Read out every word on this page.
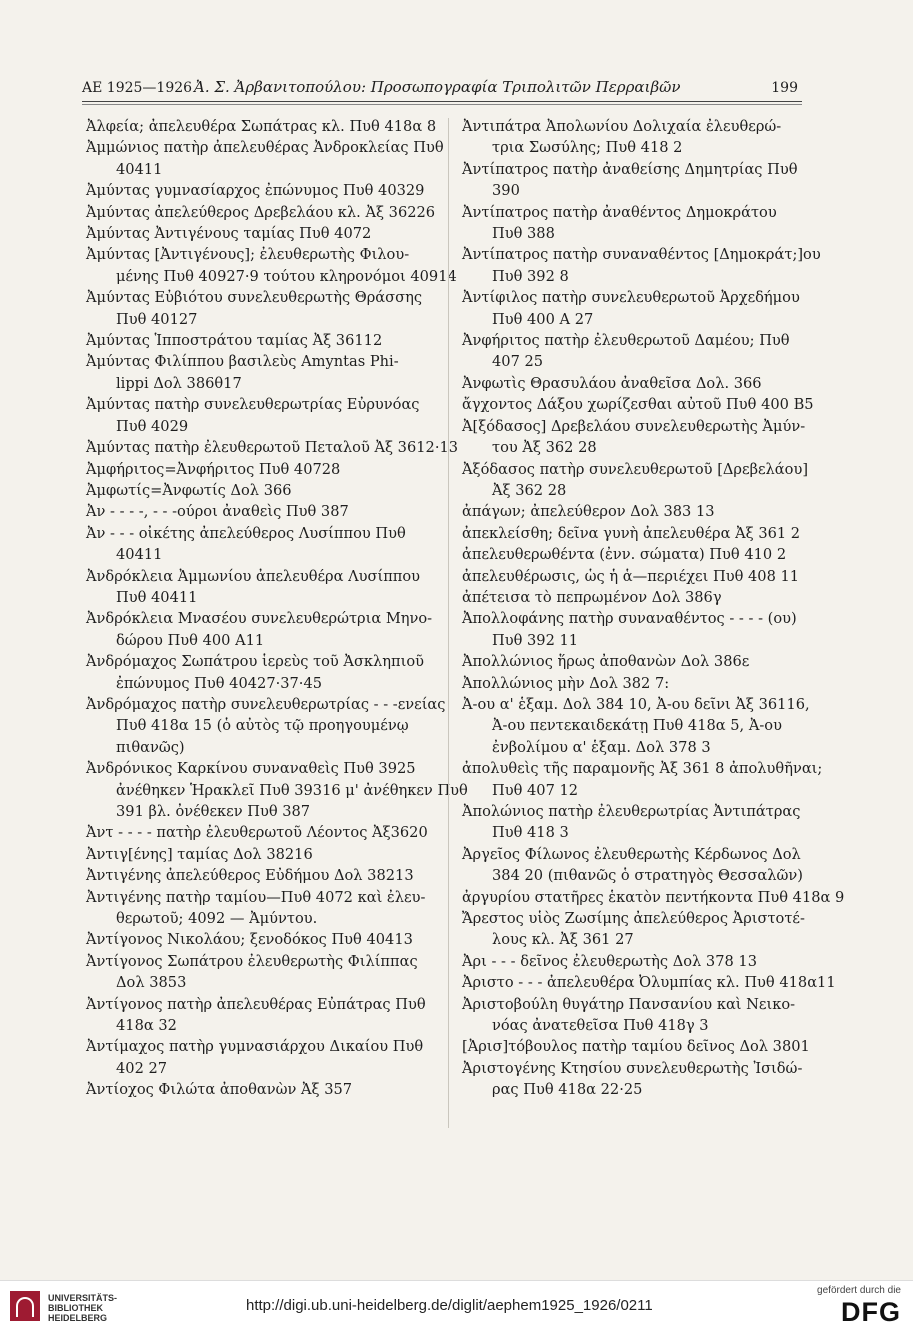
ΑΕ 1925—1926 Ἀ. Σ. Ἀρβανιτοπούλου: Προσωπογραφία Τριπολιτῶν Περραιβῶν	199
Ἀλφεία; ἀπελευθέρα Σωπάτρας κλ. Πυθ 418α 8
Ἀμμώνιος πατὴρ ἀπελευθέρας Ἀνδροκλείας Πυθ
40411
Ἀμύντας γυμνασίαρχος ἐπώνυμος Πυθ 40329
Ἀμύντας ἀπελεύθερος Δρεβελάου κλ. Ἀξ 36226
Ἀμύντας Ἀντιγένους ταμίας Πυθ 4072
Ἀμύντας [Ἀντιγένους]; ἐλευθερωτὴς Φιλου-
μένης Πυθ 40927·9 τούτου κληρονόμοι 40914
Ἀμύντας Εὐβιότου συνελευθερωτὴς Θράσσης
Πυθ 40127
Ἀμύντας Ἱπποστράτου ταμίας Ἀξ 36112
Ἀμύντας Φιλίππου βασιλεὺς Amyntas Phi-
lippi Δολ 386θ17
Ἀμύντας πατὴρ συνελευθερωτρίας Εὐρυνόας
Πυθ 4029
Ἀμύντας πατὴρ ἐλευθερωτοῦ Πεταλοῦ Ἀξ 3612·13
Ἀμφήριτος=Ἀνφήριτος Πυθ 40728
Ἀμφωτίς=Ἀνφωτίς Δολ 366
Ἀν - - - -, - - -ούροι ἀναθεὶς Πυθ 387
Ἀν - - - οἰκέτης ἀπελεύθερος Λυσίππου Πυθ
40411
Ἀνδρόκλεια Ἀμμωνίου ἀπελευθέρα Λυσίππου
Πυθ 40411
Ἀνδρόκλεια Μνασέου συνελευθερώτρια Μηνο-
δώρου Πυθ 400 Α11
Ἀνδρόμαχος Σωπάτρου ἱερεὺς τοῦ Ἀσκληπιοῦ
ἐπώνυμος Πυθ 40427·37·45
Ἀνδρόμαχος πατὴρ συνελευθερωτρίας - - -ενείας
Πυθ 418α 15 (ὁ αὐτὸς τῷ προηγουμένῳ
πιθανῶς)
Ἀνδρόνικος Καρκίνου συναναθεὶς Πυθ 3925
ἀνέθηκεν Ἡρακλεῖ Πυθ 39316 μ' ἀνέθηκεν Πυθ
391 βλ. ὀνέθεκεν Πυθ 387
Ἀντ - - - - πατὴρ ἐλευθερωτοῦ Λέοντος Ἀξ3620
Ἀντιγ[ένης] ταμίας Δολ 38216
Ἀντιγένης ἀπελεύθερος Εὐδήμου Δολ 38213
Ἀντιγένης πατὴρ ταμίου—Πυθ 4072 καὶ ἐλευ-
θερωτοῦ; 4092 — Ἀμύντου.
Ἀντίγονος Νικολάου; ξενοδόκος Πυθ 40413
Ἀντίγονος Σωπάτρου ἐλευθερωτὴς Φιλίππας
Δολ 3853
Ἀντίγονος πατὴρ ἀπελευθέρας Εὐπάτρας Πυθ
418α 32
Ἀντίμαχος πατὴρ γυμνασιάρχου Δικαίου Πυθ
402 27
Ἀντίοχος Φιλώτα ἀποθανὼν Ἀξ 357
Ἀντιπάτρα Ἀπολωνίου Δολιχαία ἐλευθερώ-
τρια Σωσύλης; Πυθ 418 2
Ἀντίπατρος πατὴρ ἀναθείσης Δημητρίας Πυθ
390
Ἀντίπατρος πατὴρ ἀναθέντος Δημοκράτου
Πυθ 388
Ἀντίπατρος πατὴρ συναναθέντος [Δημοκράτ;]ου
Πυθ 392 8
Ἀντίφιλος πατὴρ συνελευθερωτοῦ Ἀρχεδήμου
Πυθ 400 Α 27
Ἀνφήριτος πατὴρ ἐλευθερωτοῦ Δαμέου; Πυθ
407 25
Ἀνφωτὶς Θρασυλάου ἀναθεῖσα Δολ. 366
ἄγχοντος Δάξου χωρίζεσθαι αὐτοῦ Πυθ 400 Β5
Ἀ[ξόδασος] Δρεβελάου συνελευθερωτὴς Ἀμύν-
του Ἀξ 362 28
Ἀξόδασος πατὴρ συνελευθερωτοῦ [Δρεβελάου]
Ἀξ 362 28
ἀπάγων; ἀπελεύθερον Δολ 383 13
ἀπεκλείσθη; δεῖνα γυνὴ ἀπελευθέρα Ἀξ 361 2
ἀπελευθερωθέντα (ἐνν. σώματα) Πυθ 410 2
ἀπελευθέρωσις, ὡς ἡ ἁ—περιέχει Πυθ 408 11
ἀπέτεισα τὸ πεπρωμένον Δολ 386γ
Ἀπολλοφάνης πατὴρ συναναθέντος - - - - (ου)
Πυθ 392 11
Ἀπολλώνιος ἥρως ἀποθανὼν Δολ 386ε
Ἀπολλώνιος μὴν Δολ 382 7:
Ἀ-ου α' ἑξαμ. Δολ 384 10, Ἀ-ου δεῖνι Ἀξ 36116,
Ἀ-ου πεντεκαιδεκάτῃ Πυθ 418α 5, Ἀ-ου
ἐνβολίμου α' ἑξαμ. Δολ 378 3
ἀπολυθεὶς τῆς παραμονῆς Ἀξ 361 8 ἀπολυθῆναι;
Πυθ 407 12
Ἀπολώνιος πατὴρ ἐλευθερωτρίας Ἀντιπάτρας
Πυθ 418 3
Ἀργεῖος Φίλωνος ἐλευθερωτὴς Κέρδωνος Δολ
384 20 (πιθανῶς ὁ στρατηγὸς Θεσσαλῶν)
ἀργυρίου στατῆρες ἑκατὸν πεντήκοντα Πυθ 418α 9
Ἄρεστος υἱὸς Ζωσίμης ἀπελεύθερος Ἀριστοτέ-
λους κλ. Ἀξ 361 27
Ἀρι - - - δεῖνος ἐλευθερωτὴς Δολ 378 13
Ἀριστο - - - ἀπελευθέρα Ὀλυμπίας κλ. Πυθ 418α11
Ἀριστοβούλη θυγάτηρ Πανσανίου καὶ Νεικο-
νόας ἀνατεθεῖσα Πυθ 418γ 3
[Ἀρισ]τόβουλος πατὴρ ταμίου δεῖνος Δολ 3801
Ἀριστογένης Κτησίου συνελευθερωτὴς Ἰσιδώ-
ρας Πυθ 418α 22·25
UNIVERSITÄTS-
BIBLIOTHEK
HEIDELBERG
http://digi.ub.uni-heidelberg.de/diglit/aephem1925_1926/0211
gefördert durch die
DFG
